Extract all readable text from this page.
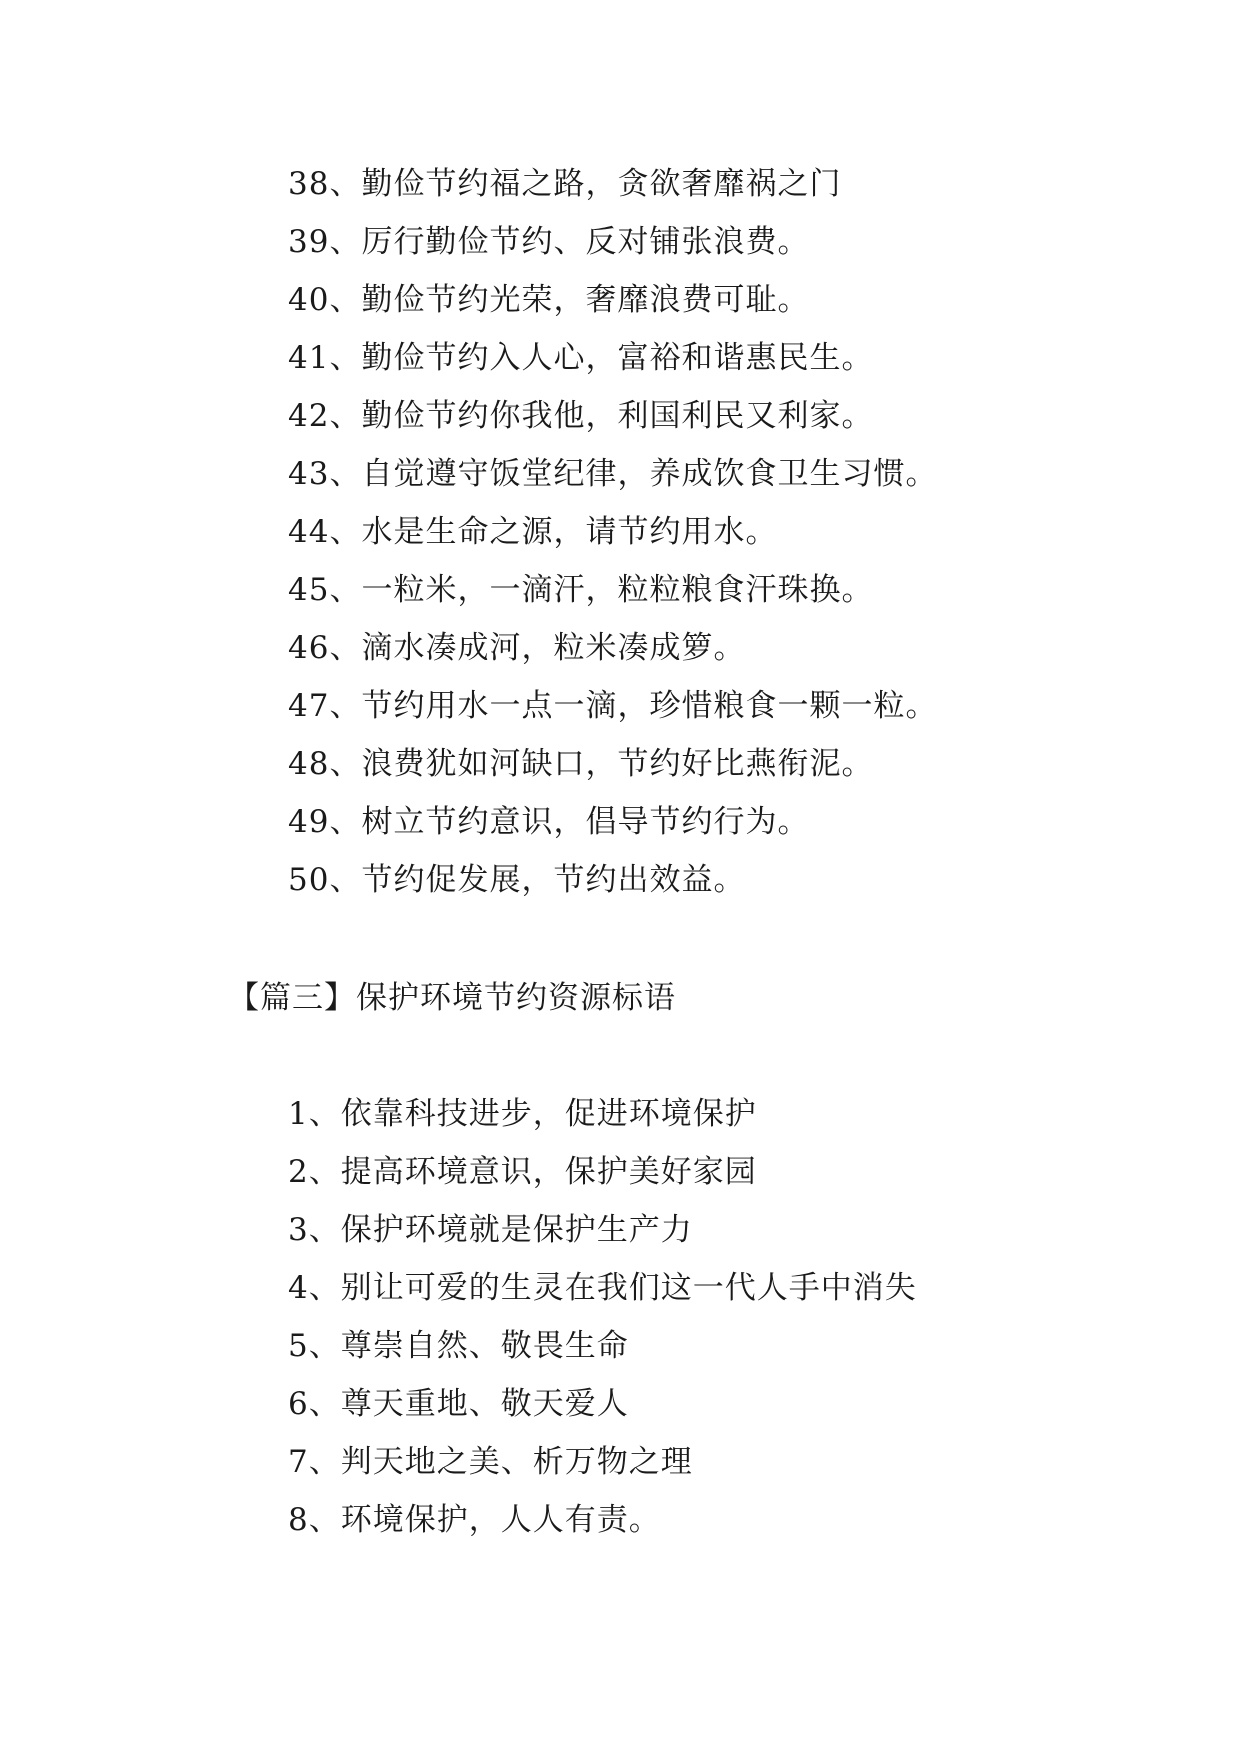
38、勤俭节约福之路，贪欲奢靡祸之门
39、厉行勤俭节约、反对铺张浪费。
40、勤俭节约光荣，奢靡浪费可耻。
41、勤俭节约入人心，富裕和谐惠民生。
42、勤俭节约你我他，利国利民又利家。
43、自觉遵守饭堂纪律，养成饮食卫生习惯。
44、水是生命之源，请节约用水。
45、一粒米，一滴汗，粒粒粮食汗珠换。
46、滴水凑成河，粒米凑成箩。
47、节约用水一点一滴，珍惜粮食一颗一粒。
48、浪费犹如河缺口，节约好比燕衔泥。
49、树立节约意识，倡导节约行为。
50、节约促发展，节约出效益。
【篇三】保护环境节约资源标语
1、依靠科技进步，促进环境保护
2、提高环境意识，保护美好家园
3、保护环境就是保护生产力
4、别让可爱的生灵在我们这一代人手中消失
5、尊崇自然、敬畏生命
6、尊天重地、敬天爱人
7、判天地之美、析万物之理
8、环境保护，人人有责。
